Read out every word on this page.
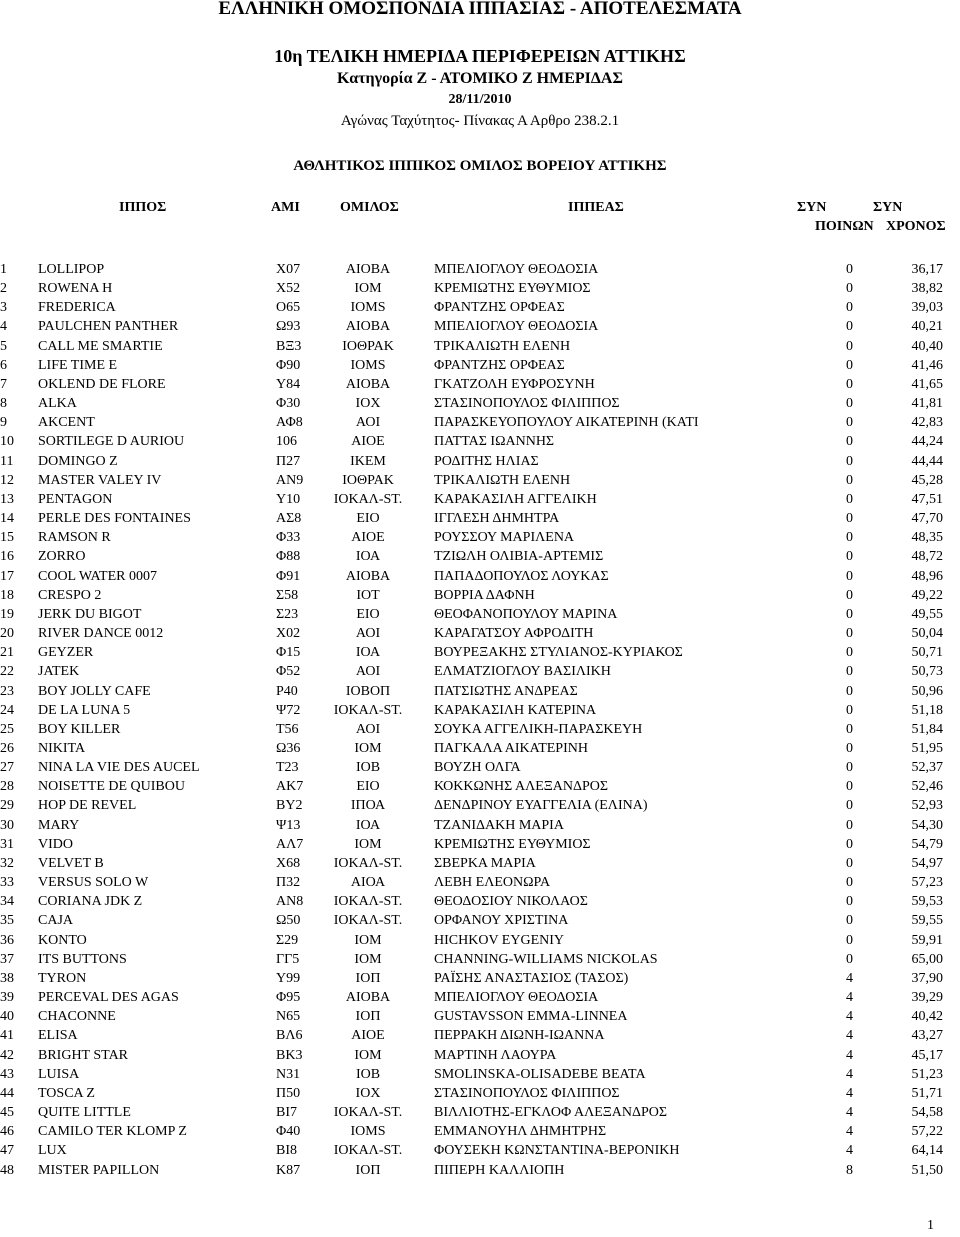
ΕΛΛΗΝΙΚΗ ΟΜΟΣΠΟΝΔΙΑ ΙΠΠΑΣΙΑΣ - ΑΠΟΤΕΛΕΣΜΑΤΑ
10η ΤΕΛΙΚΗ ΗΜΕΡΙΔΑ ΠΕΡΙΦΕΡΕΙΩΝ ΑΤΤΙΚΗΣ
Κατηγορία Ζ - ΑΤΟΜΙΚΟ Ζ ΗΜΕΡΙΔΑΣ
28/11/2010
Αγώνας Ταχύτητος- Πίνακας Α Αρθρο 238.2.1
ΑΘΛΗΤΙΚΟΣ ΙΠΠΙΚΟΣ ΟΜΙΛΟΣ ΒΟΡΕΙΟΥ ΑΤΤΙΚΗΣ
ΙΠΠΟΣ	ΑΜΙ	ΟΜΙΛΟΣ	ΙΠΠΕΑΣ	ΣΥΝ	ΣΥΝ
ΠΟΙΝΩΝ ΧΡΟΝΟΣ
1 LOLLIPOP	Χ07	ΑΙΟΒΑ	ΜΠΕΛΙΟΓΛΟΥ ΘΕΟΔΟΣΙΑ	0	36,17
2 ROWENA H	Χ52	ΙΟΜ	ΚΡΕΜΙΩΤΗΣ ΕΥΘΥΜΙΟΣ	0	38,82
3 FREDERICA	Ο65	ΙΟΜS	ΦΡΑΝΤΖΗΣ ΟΡΦΕΑΣ	0	39,03
4 PAULCHEN PANTHER	Ω93	ΑΙΟΒΑ	ΜΠΕΛΙΟΓΛΟΥ ΘΕΟΔΟΣΙΑ	0	40,21
5 CALL ME SMARTIE	ΒΞ3	ΙΟΘΡΑΚ	ΤΡΙΚΑΛΙΩΤΗ ΕΛΕΝΗ	0	40,40
6 LIFE TIME E	Φ90	ΙΟΜS	ΦΡΑΝΤΖΗΣ ΟΡΦΕΑΣ	0	41,46
7 OKLEND DE FLORE	Υ84	ΑΙΟΒΑ	ΓΚΑΤΖΟΛΗ ΕΥΦΡΟΣΥΝΗ	0	41,65
8 ALKA	Φ30	ΙΟΧ	ΣΤΑΣΙΝΟΠΟΥΛΟΣ ΦΙΛΙΠΠΟΣ	0	41,81
9 AKCENT	ΑΦ8	ΑΟΙ	ΠΑΡΑΣΚΕΥΟΠΟΥΛΟΥ ΑΙΚΑΤΕΡΙΝΗ (ΚΑΤΙ	0	42,83
10 SORTILEGE D AURIOU	106	ΑΙΟΕ	ΠΑΤΤΑΣ ΙΩΑΝΝΗΣ	0	44,24
11 DOMINGO Z	Π27	ΙΚΕΜ	ΡΟΔΙΤΗΣ ΗΛΙΑΣ	0	44,44
12 MASTER VALEY IV	ΑΝ9	ΙΟΘΡΑΚ	ΤΡΙΚΑΛΙΩΤΗ ΕΛΕΝΗ	0	45,28
13 PENTAGON	Υ10	ΙΟΚΑΛ-ST.	ΚΑΡΑΚΑΣΙΛΗ ΑΓΓΕΛΙΚΗ	0	47,51
14 PERLE DES FONTAINES	ΑΣ8	ΕΙΟ	ΙΓΓΛΕΣΗ ΔΗΜΗΤΡΑ	0	47,70
15 RAMSON R	Φ33	ΑΙΟΕ	ΡΟΥΣΣΟΥ ΜΑΡΙΛΕΝΑ	0	48,35
16 ZORRO	Φ88	ΙΟΑ	ΤΖΙΩΛΗ ΟΛΙΒΙΑ-ΑΡΤΕΜΙΣ	0	48,72
17 COOL WATER 0007	Φ91	ΑΙΟΒΑ	ΠΑΠΑΔΟΠΟΥΛΟΣ ΛΟΥΚΑΣ	0	48,96
18 CRESPO 2	Σ58	ΙΟΤ	ΒΟΡΡΙΑ ΔΑΦΝΗ	0	49,22
19 JERK DU BIGOT	Σ23	ΕΙΟ	ΘΕΟΦΑΝΟΠΟΥΛΟΥ ΜΑΡΙΝΑ	0	49,55
20 RIVER DANCE 0012	Χ02	ΑΟΙ	ΚΑΡΑΓΑΤΣΟΥ ΑΦΡΟΔΙΤΗ	0	50,04
21 GEYZER	Φ15	ΙΟΑ	ΒΟΥΡΕΞΑΚΗΣ ΣΤΥΛΙΑΝΟΣ-ΚΥΡΙΑΚΟΣ	0	50,71
22 JATEK	Φ52	ΑΟΙ	ΕΛΜΑΤΖΙΟΓΛΟΥ ΒΑΣΙΛΙΚΗ	0	50,73
23 BOY JOLLY CAFE	Ρ40	ΙΟΒΟΠ	ΠΑΤΣΙΩΤΗΣ ΑΝΔΡΕΑΣ	0	50,96
24 DE LA LUNA 5	Ψ72	ΙΟΚΑΛ-ST.	ΚΑΡΑΚΑΣΙΛΗ ΚΑΤΕΡΙΝΑ	0	51,18
25 BOY KILLER	Τ56	ΑΟΙ	ΣΟΥΚΑ ΑΓΓΕΛΙΚΗ-ΠΑΡΑΣΚΕΥΗ	0	51,84
26 NIKITA	Ω36	ΙΟΜ	ΠΑΓΚΑΛΑ ΑΙΚΑΤΕΡΙΝΗ	0	51,95
27 NINA LA VIE DES AUCEL	Τ23	ΙΟΒ	ΒΟΥΖΗ ΟΛΓΑ	0	52,37
28 NOISETTE DE QUIBOU	ΑΚ7	ΕΙΟ	ΚΟΚΚΩΝΗΣ ΑΛΕΞΑΝΔΡΟΣ	0	52,46
29 HOP DE REVEL	ΒΥ2	ΙΠΟΑ	ΔΕΝΔΡΙΝΟΥ ΕΥΑΓΓΕΛΙΑ (ΕΛΙΝΑ)	0	52,93
30 MARY	Ψ13	ΙΟΑ	ΤΖΑΝΙΔΑΚΗ ΜΑΡΙΑ	0	54,30
31 VIDO	ΑΛ7	ΙΟΜ	ΚΡΕΜΙΩΤΗΣ ΕΥΘΥΜΙΟΣ	0	54,79
32 VELVET B	Χ68	ΙΟΚΑΛ-ST.	ΣΒΕΡΚΑ ΜΑΡΙΑ	0	54,97
33 VERSUS SOLO W	Π32	ΑΙΟΑ	ΛΕΒΗ ΕΛΕΟΝΩΡΑ	0	57,23
34 CORIANA JDK Z	ΑΝ8	ΙΟΚΑΛ-ST.	ΘΕΟΔΟΣΙΟΥ ΝΙΚΟΛΑΟΣ	0	59,53
35 CAJA	Ω50	ΙΟΚΑΛ-ST.	ΟΡΦΑΝΟΥ ΧΡΙΣΤΙΝΑ	0	59,55
36 KONTO	Σ29	ΙΟΜ	HICHKOV EYGENIY	0	59,91
37 ITS BUTTONS	ΓΓ5	ΙΟΜ	CHANNING-WILLIAMS NICKOLAS	0	65,00
38 TYRON	Υ99	ΙΟΠ	ΡΑΪΣΗΣ ΑΝΑΣΤΑΣΙΟΣ (ΤΑΣΟΣ)	4	37,90
39 PERCEVAL DES AGAS	Φ95	ΑΙΟΒΑ	ΜΠΕΛΙΟΓΛΟΥ ΘΕΟΔΟΣΙΑ	4	39,29
40 CHACONNE	Ν65	ΙΟΠ	GUSTAVSSON EMMA-LINNEA	4	40,42
41 ELISA	ΒΛ6	ΑΙΟΕ	ΠΕΡΡΑΚΗ ΔΙΩΝΗ-ΙΩΑΝΝΑ	4	43,27
42 BRIGHT STAR	ΒΚ3	ΙΟΜ	ΜΑΡΤΙΝΗ ΛΑΟΥΡΑ	4	45,17
43 LUISA	Ν31	ΙΟΒ	SMOLINSKA-OLISADEBE BEATA	4	51,23
44 TOSCA Z	Π50	ΙΟΧ	ΣΤΑΣΙΝΟΠΟΥΛΟΣ ΦΙΛΙΠΠΟΣ	4	51,71
45 QUITE LITTLE	ΒΙ7	ΙΟΚΑΛ-ST.	ΒΙΛΛΙΟΤΗΣ-ΕΓΚΛΟΦ ΑΛΕΞΑΝΔΡΟΣ	4	54,58
46 CAMILO TER KLOMP Z	Φ40	ΙΟΜS	ΕΜΜΑΝΟΥΗΛ ΔΗΜΗΤΡΗΣ	4	57,22
47 LUX	ΒΙ8	ΙΟΚΑΛ-ST.	ΦΟΥΣΕΚΗ ΚΩΝΣΤΑΝΤΙΝΑ-ΒΕΡΟΝΙΚΗ	4	64,14
48 MISTER PAPILLON	Κ87	ΙΟΠ	ΠΙΠΕΡΗ ΚΑΛΛΙΟΠΗ	8	51,50
1
